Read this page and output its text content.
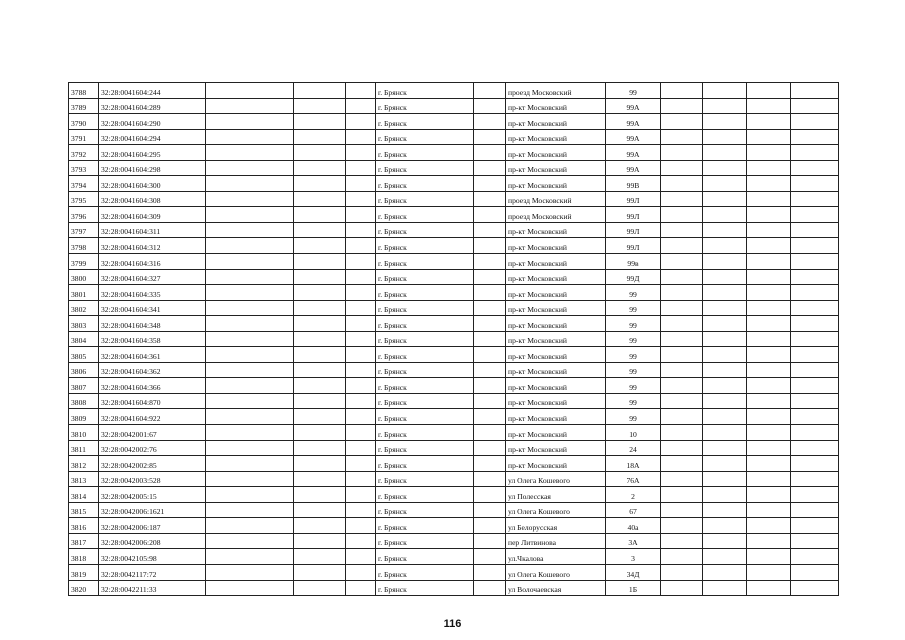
3788	32:28:0041604:244				г. Брянск		проезд Московский	99				
3789	32:28:0041604:289				г. Брянск		пр-кт Московский	99А				
3790	32:28:0041604:290				г. Брянск		пр-кт Московский	99А				
3791	32:28:0041604:294				г. Брянск		пр-кт Московский	99А				
3792	32:28:0041604:295				г. Брянск		пр-кт Московский	99А				
3793	32:28:0041604:298				г. Брянск		пр-кт Московский	99А				
3794	32:28:0041604:300				г. Брянск		пр-кт Московский	99В				
3795	32:28:0041604:308				г. Брянск		проезд Московский	99Л				
3796	32:28:0041604:309				г. Брянск		проезд Московский	99Л				
3797	32:28:0041604:311				г. Брянск		пр-кт Московский	99Л				
3798	32:28:0041604:312				г. Брянск		пр-кт Московский	99Л				
3799	32:28:0041604:316				г. Брянск		пр-кт Московский	99в				
3800	32:28:0041604:327				г. Брянск		пр-кт Московский	99Д				
3801	32:28:0041604:335				г. Брянск		пр-кт Московский	99				
3802	32:28:0041604:341				г. Брянск		пр-кт Московский	99				
3803	32:28:0041604:348				г. Брянск		пр-кт Московский	99				
3804	32:28:0041604:358				г. Брянск		пр-кт Московский	99				
3805	32:28:0041604:361				г. Брянск		пр-кт Московский	99				
3806	32:28:0041604:362				г. Брянск		пр-кт Московский	99				
3807	32:28:0041604:366				г. Брянск		пр-кт Московский	99				
3808	32:28:0041604:870				г. Брянск		пр-кт Московский	99				
3809	32:28:0041604:922				г. Брянск		пр-кт Московский	99				
3810	32:28:0042001:67				г. Брянск		пр-кт Московский	10				
3811	32:28:0042002:76				г. Брянск		пр-кт Московский	24				
3812	32:28:0042002:85				г. Брянск		пр-кт Московский	18А				
3813	32:28:0042003:528				г. Брянск		ул Олега Кошевого	76А				
3814	32:28:0042005:15				г. Брянск		ул Полесская	2				
3815	32:28:0042006:1621				г. Брянск		ул Олега Кошевого	67				
3816	32:28:0042006:187				г. Брянск		ул Белорусская	40а				
3817	32:28:0042006:208				г. Брянск		пер Литвинова	3А				
3818	32:28:0042105:98				г. Брянск		ул.Чкалова	3				
3819	32:28:0042117:72				г. Брянск		ул Олега Кошевого	34Д				
3820	32:28:0042211:33				г. Брянск		ул Волочаевская	1Б				
116
